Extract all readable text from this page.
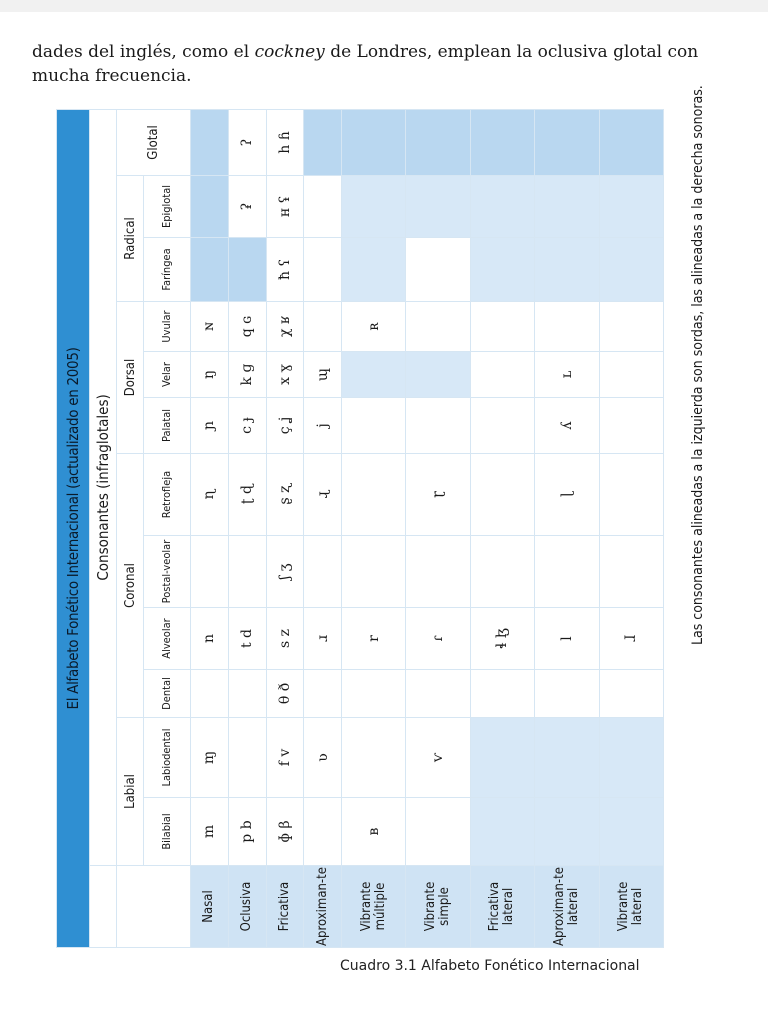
dades del inglés, como el cockney de Londres, emplean la oclusiva glotal con mucha frecuencia.

El Alfabeto Fonético Internacional (actualizado en 2005)												
	Consonantes (infraglotales)											
	Labial		Coronal				Dorsal			Radical		Glotal
	Bilabial	Labiodental	Dental	Alveolar	Postal-veolar	Retrofleja	Palatal	Velar	Uvular	Faríngea	Epiglotal	
Nasal	m	ɱ		n		ɳ	ɲ	ŋ	ɴ			
Oclusiva	p b			t d		ʈ ɖ	c ɟ	k ɡ	q ɢ		ʡ	ʔ
Fricativa	ɸ β	f v	θ ð	s z	ʃ ʒ	ʂ ʐ	ç ʝ	x ɣ	χ ʁ	ħ ʕ	ʜ ʢ	h ɦ
Aproximan-te		ʋ		ɹ		ɻ	j	ɰ				
Vibrante múltiple	ʙ			r					ʀ			
Vibrante simple		ⱱ		ɾ		ɽ						
Fricativa lateral				ɬ ɮ								
Aproximan-te lateral				l		ɭ	ʎ	ʟ				
Vibrante lateral				ɺ									Las consonantes alineadas a la izquierda son sordas, las alineadas a la derecha sonoras.
Cuadro 3.1 Alfabeto Fonético Internacional
